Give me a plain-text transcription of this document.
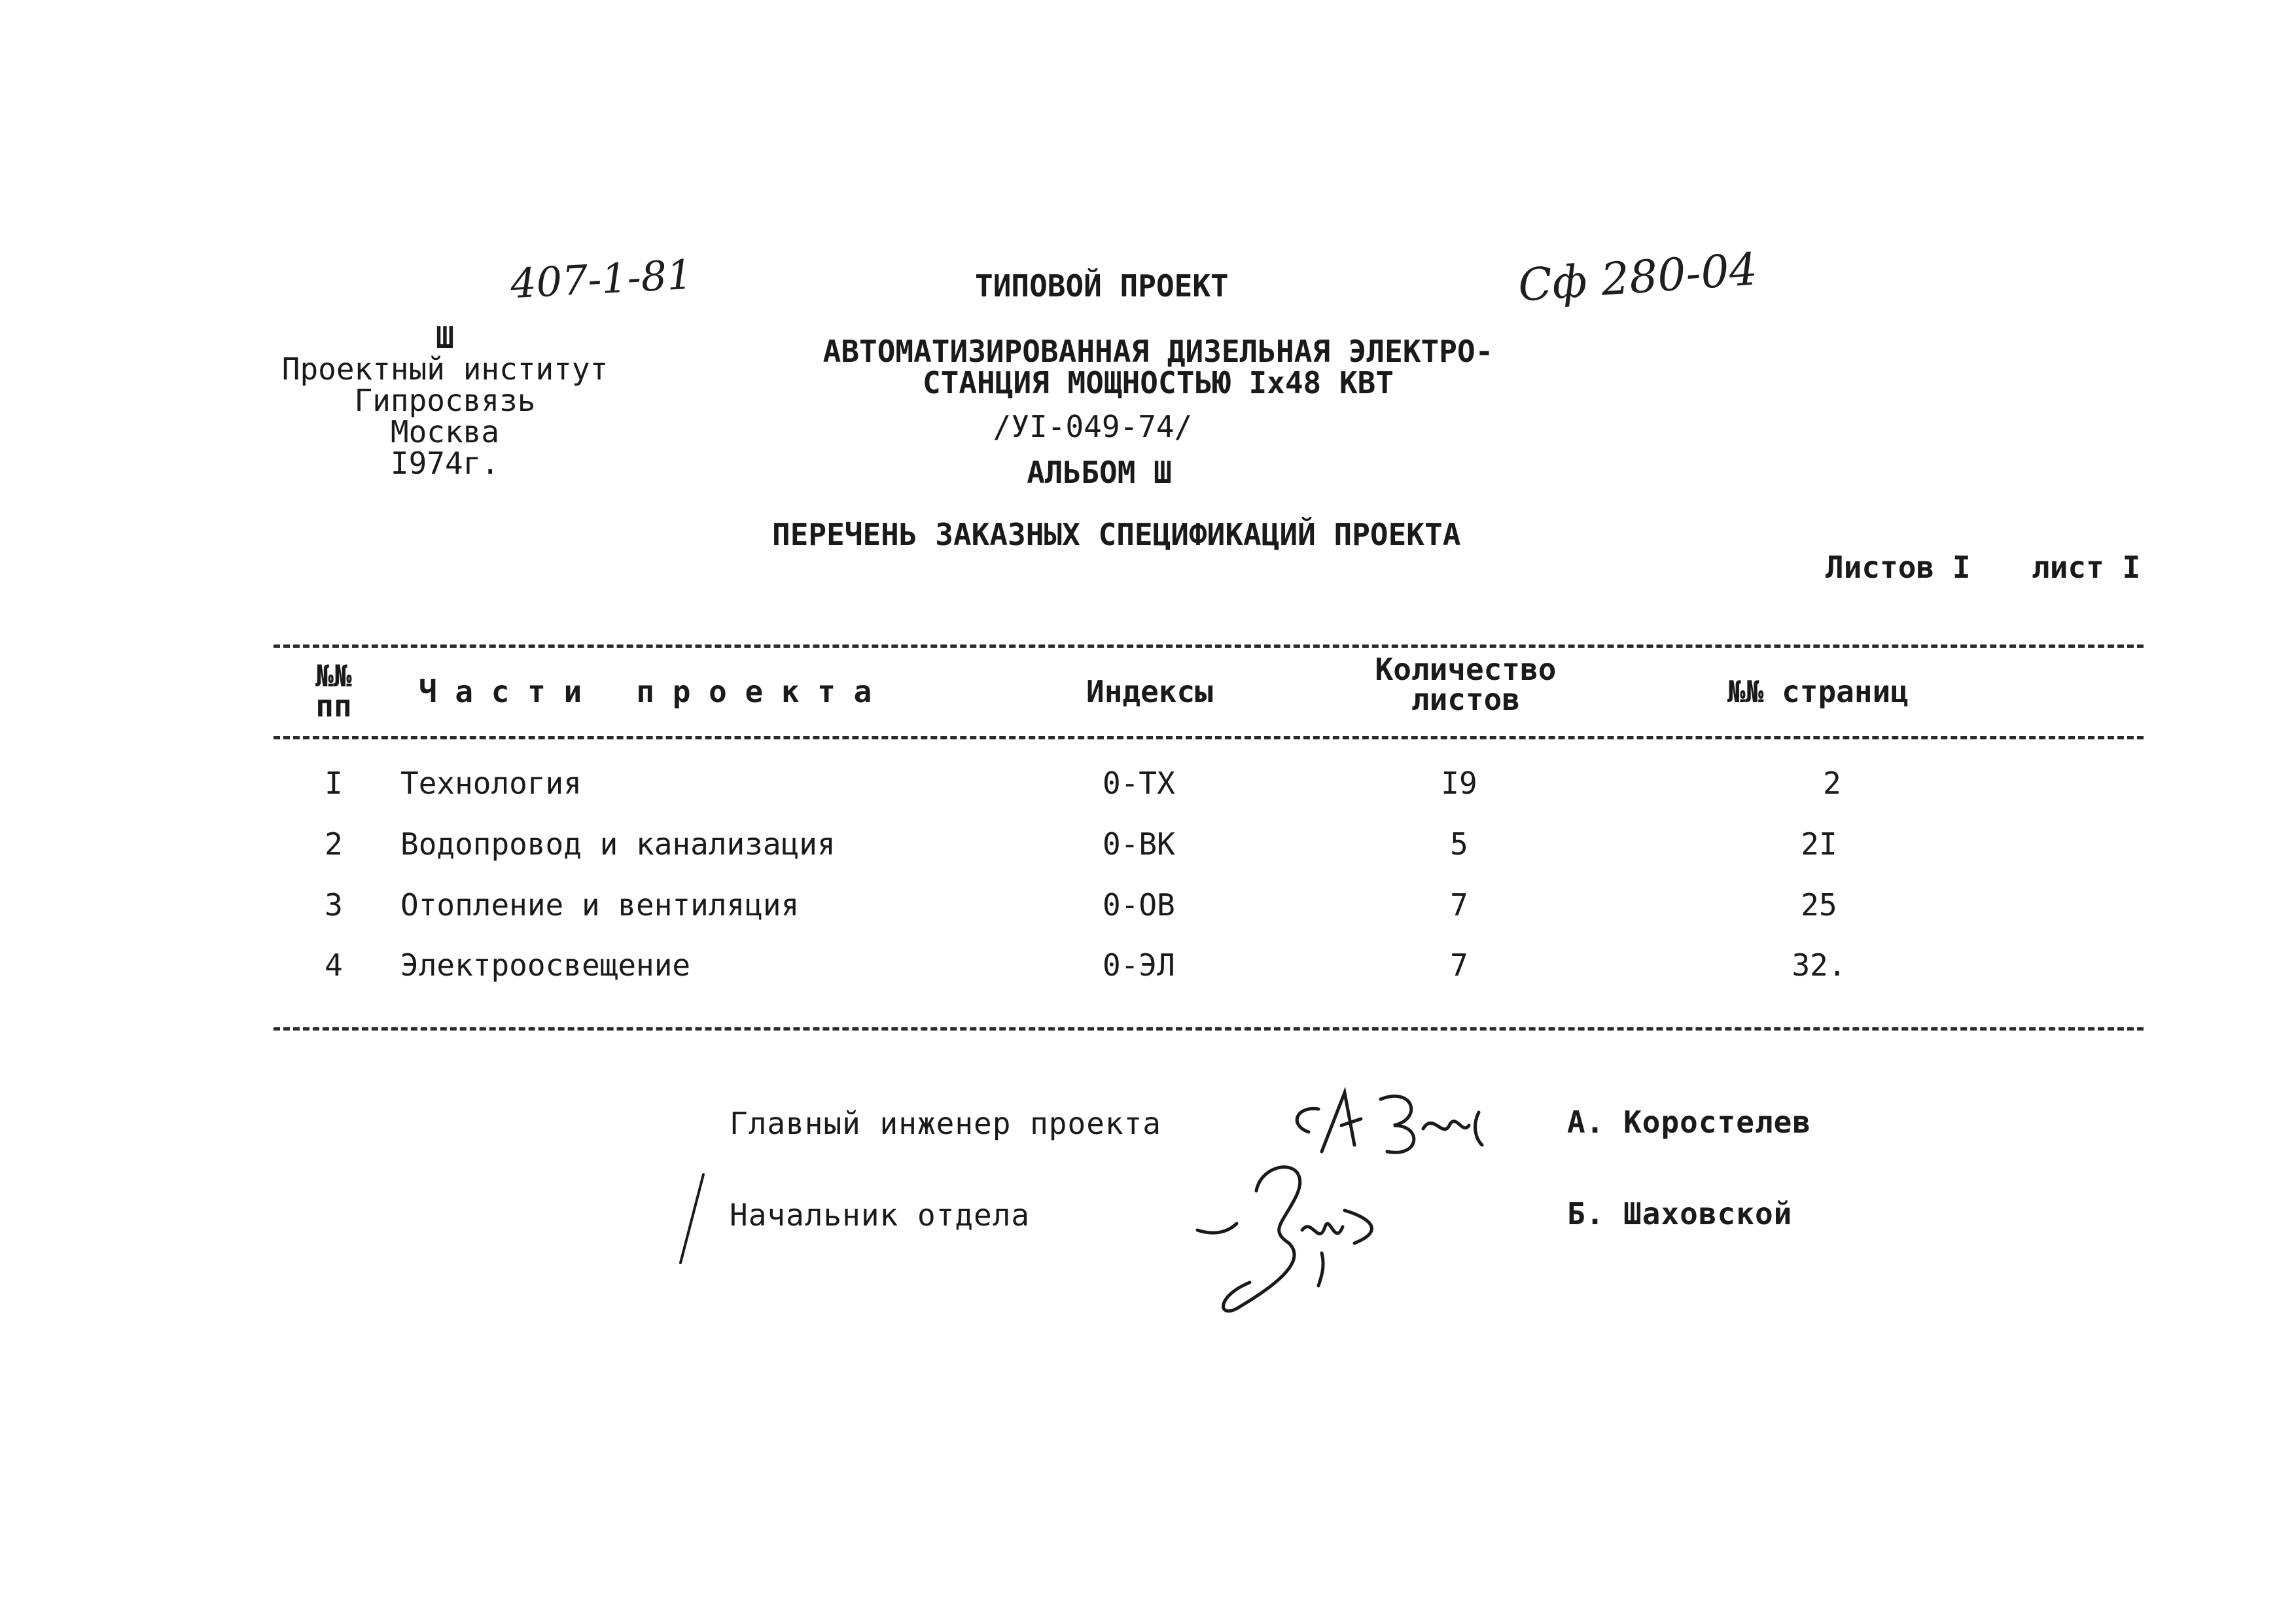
407-1-81	Сф 280-04
Ш
Проектный институт
Гипросвязь
Москва
I974г.
ТИПОВОЙ ПРОЕКТ
АВТОМАТИЗИРОВАННАЯ ДИЗЕЛЬНАЯ ЭЛЕКТРО-
СТАНЦИЯ МОЩНОСТЬЮ Iх48 КВТ
/УI-049-74/
АЛЬБОМ Ш
ПЕРЕЧЕНЬ ЗАКАЗНЫХ СПЕЦИФИКАЦИЙ ПРОЕКТА
Листов I лист I
№№
пп	Ч а с т и   п р о е к т а	Индексы
Количество
листов	№№ страниц
I	Технология	0-ТХ	I9	2
2	Водопровод и канализация	0-ВК	5	2I
3	Отопление и вентиляция	0-ОВ	7	25
4	Электроосвещение	0-ЭЛ	7	32.
Главный инженер проекта	А. Коростелев
Начальник отдела	Б. Шаховской
